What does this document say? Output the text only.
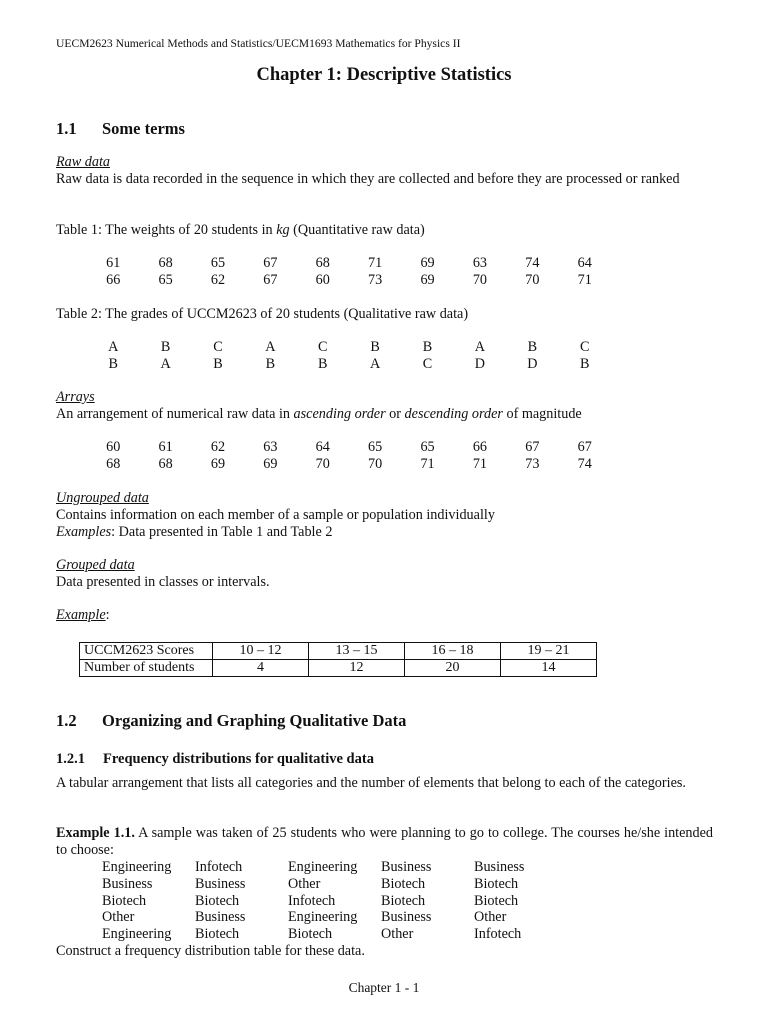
UECM2623 Numerical Methods and Statistics/UECM1693 Mathematics for Physics II
Chapter 1: Descriptive Statistics
1.1 Some terms
Raw data
Raw data is data recorded in the sequence in which they are collected and before they are processed or ranked
Table 1: The weights of 20 students in kg (Quantitative raw data)
61	68	65	67	68	71	69	63	74	64
66	65	62	67	60	73	69	70	70	71
Table 2: The grades of UCCM2623 of 20 students (Qualitative raw data)
A	B	C	A	C	B	B	A	B	C
B	A	B	B	B	A	C	D	D	B
Arrays
An arrangement of numerical raw data in ascending order or descending order of magnitude
60	61	62	63	64	65	65	66	67	67
68	68	69	69	70	70	71	71	73	74
Ungrouped data
Contains information on each member of a sample or population individually
Examples: Data presented in Table 1 and Table 2
Grouped data
Data presented in classes or intervals.
Example:
UCCM2623 Scores	10 – 12	13 – 15	16 – 18	19 – 21
Number of students	4	12	20	14
1.2 Organizing and Graphing Qualitative Data
1.2.1 Frequency distributions for qualitative data
A tabular arrangement that lists all categories and the number of elements that belong to each of the categories.
Example 1.1. A sample was taken of 25 students who were planning to go to college. The courses he/she intended to choose:
Engineering	Infotech	Engineering	Business	Business
Business	Business	Other	Biotech	Biotech
Biotech	Biotech	Infotech	Biotech	Biotech
Other	Business	Engineering	Business	Other
Engineering	Biotech	Biotech	Other	Infotech
Construct a frequency distribution table for these data.
Chapter 1 - 1
